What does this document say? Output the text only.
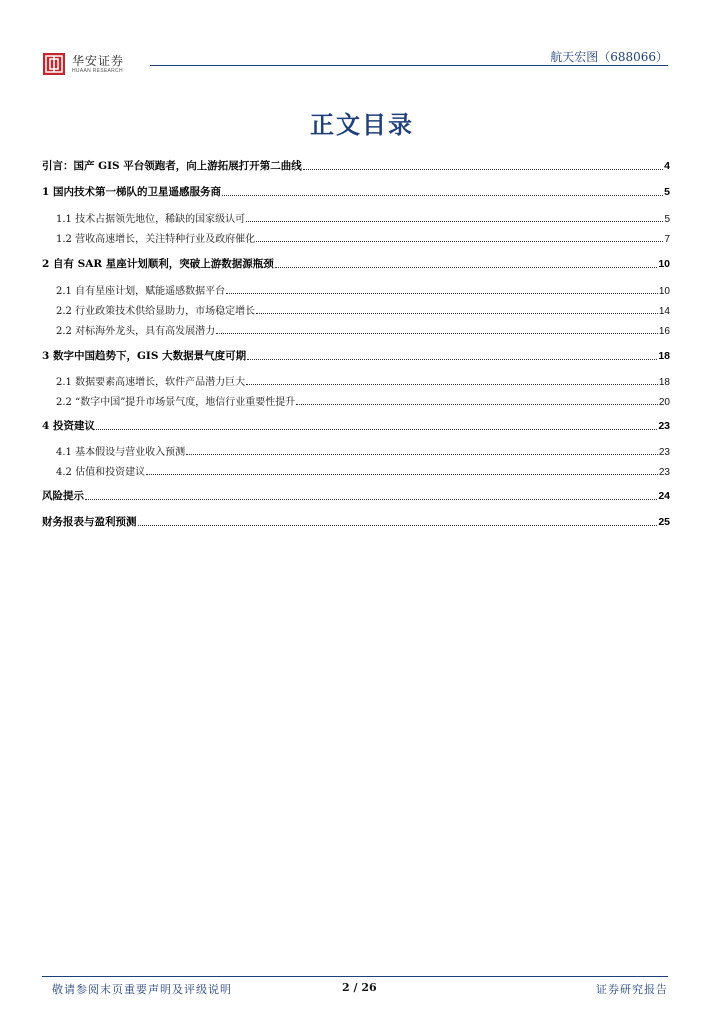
华安证券
HUAAN RESEARCH
航天宏图（688066）
正文目录
引言：国产 GIS 平台领跑者，向上游拓展打开第二曲线	4
1 国内技术第一梯队的卫星遥感服务商	5
1.1 技术占据领先地位，稀缺的国家级认可	5
1.2 营收高速增长，关注特种行业及政府催化	7
2 自有 SAR 星座计划顺利，突破上游数据源瓶颈	10
2.1 自有星座计划，赋能遥感数据平台	10
2.2 行业政策技术供给显助力，市场稳定增长	14
2.2 对标海外龙头，具有高发展潜力	16
3 数字中国趋势下，GIS 大数据景气度可期	18
2.1 数据要素高速增长，软件产品潜力巨大	18
2.2 “数字中国”提升市场景气度，地信行业重要性提升	20
4 投资建议	23
4.1 基本假设与营业收入预测	23
4.2 估值和投资建议	23
风险提示	24
财务报表与盈利预测	25
敬请参阅末页重要声明及评级说明	2 / 26	证券研究报告
